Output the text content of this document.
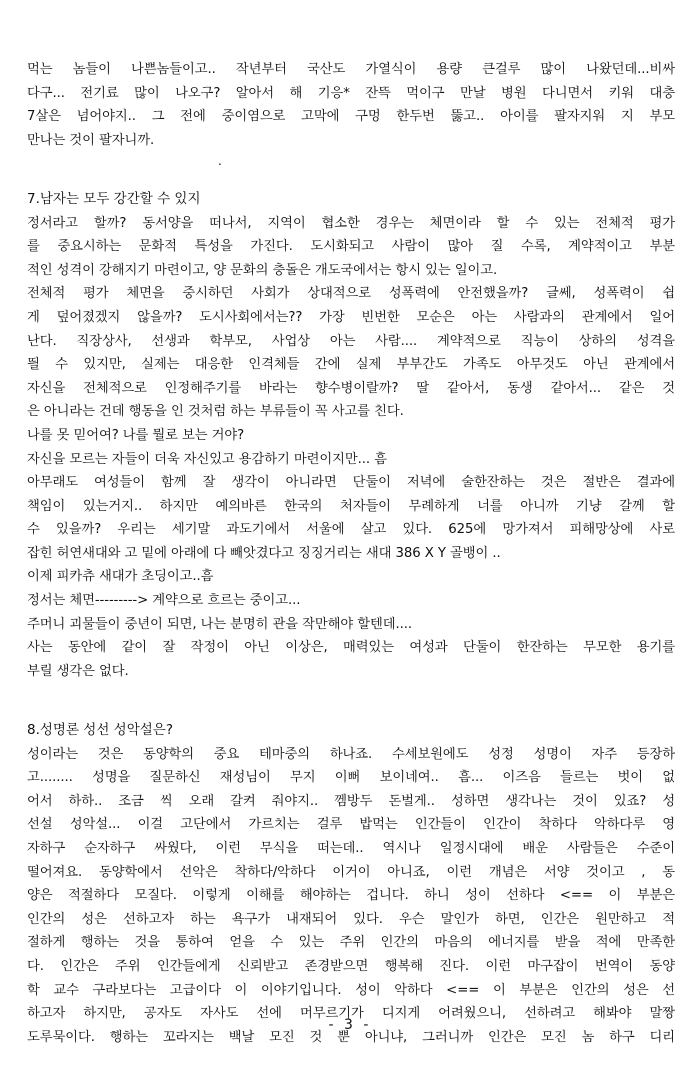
먹는 놈들이 나쁜놈들이고.. 작년부터 국산도 가열식이 용량 큰걸루 많이 나왔던데...비싸
다구... 전기료 많이 나오구? 알아서 해 기응* 잔뜩 먹이구 만날 병원 다니면서 키워 대충
7살은 넘어야지.. 그 전에 중이염으로 고막에 구멍 한두번 뚫고.. 아이를 팔자지워 지 부모
만나는 것이 팔자니까.
7.남자는 모두 강간할 수 있지
정서라고 할까? 동서양을 떠나서, 지역이 협소한 경우는 체면이라 할 수 있는 전체적 평가
를 중요시하는 문화적 특성을 가진다. 도시화되고 사람이 많아 질 수록, 계약적이고 부분
적인 성격이 강해지기 마련이고, 양 문화의 충돌은 개도국에서는 항시 있는 일이고.
전체적 평가 체면을 중시하던 사회가 상대적으로 성폭력에 안전했을까? 글쎄, 성폭력이 쉽
게 덮어졌겠지 않을까? 도시사회에서는?? 가장 빈번한 모순은 아는 사람과의 관계에서 일어
난다. 직장상사, 선생과 학부모, 사업상 아는 사람.... 계약적으로 직능이 상하의 성격을
띌 수 있지만, 실제는 대응한 인격체들 간에 실제 부부간도 가족도 아무것도 아닌 관계에서
자신을 전체적으로 인정해주기를 바라는 향수병이랄까? 딸 같아서, 동생 같아서... 같은 것
은 아니라는 건데 행동을 인 것처럼 하는 부류들이 꼭 사고를 친다.
나를 못 믿어여? 나를 뭘로 보는 거야?
자신을 모르는 자들이 더욱 자신있고 용감하기 마련이지만... 흠
아무래도 여성들이 함께 잘 생각이 아니라면 단둘이 저녁에 술한잔하는 것은 절반은 결과에
책임이 있는거지.. 하지만 예의바른 한국의 처자들이 무례하게 너를 아니까 기냥 갈께 할
수 있을까? 우리는 세기말 과도기에서 서울에 살고 있다. 625에 망가져서 피해망상에 사로
잡힌 허연새대와 고 밑에 아래에 다 빼앗겼다고 징징거리는 새대 386 X Y 골뱅이 ..
이제 피카츄 새대가 초딩이고..흠
정서는 체면---------> 계약으로 흐르는 중이고...
주머니 괴물들이 중년이 되면, 나는 분명히 관을 작만해야 할텐데....
사는 동안에 같이 잘 작정이 아닌 이상은, 매력있는 여성과 단둘이 한잔하는 무모한 용기를
부릴 생각은 없다.
8.성명론 성선 성악설은?
성이라는 것은 동양학의 중요 테마중의 하나죠. 수세보원에도 성정 성명이 자주 등장하
고........ 성명을 질문하신 재성님이 무지 이뻐 보이네여.. 흠... 이즈음 들르는 벗이 없
어서 하하.. 조금 씩 오래 갈켜 줘야지.. 껨방두 돈벌게.. 성하면 생각나는 것이 있죠? 성
선설 성악설... 이걸 고단에서 가르치는 걸루 밥먹는 인간들이 인간이 착하다 악하다루 영
자하구 순자하구 싸웠다, 이런 무식을 떠는데.. 역시나 일정시대에 배운 사람들은 수준이
떨어져요. 동양학에서 선악은 착하다/악하다 이거이 아니죠, 이런 개념은 서양 것이고 , 동
양은 적절하다 모질다. 이렇게 이해를 해야하는 겁니다. 하니 성이 선하다 <== 이 부분은
인간의 성은 선하고자 하는 욕구가 내재되어 있다. 우슨 말인가 하면, 인간은 원만하고 적
절하게 행하는 것을 통하여 얻을 수 있는 주위 인간의 마음의 에너지를 받을 적에 만족한
다. 인간은 주위 인간들에게 신뢰받고 존경받으면 행복해 진다. 이런 마구잡이 번역이 동양
학 교수 구라보다는 고급이다 이 이야기입니다. 성이 악하다 <== 이 부분은 인간의 성은 선
하고자 하지만, 공자도 자사도 선에 머무르기가 디지게 어려웠으니, 선하려고 해봐야 말짱
도루묵이다. 행하는 꼬라지는 백날 모진 것 뿐 아니냐, 그러니까 인간은 모진 놈 하구 디리
.
- 3 -
